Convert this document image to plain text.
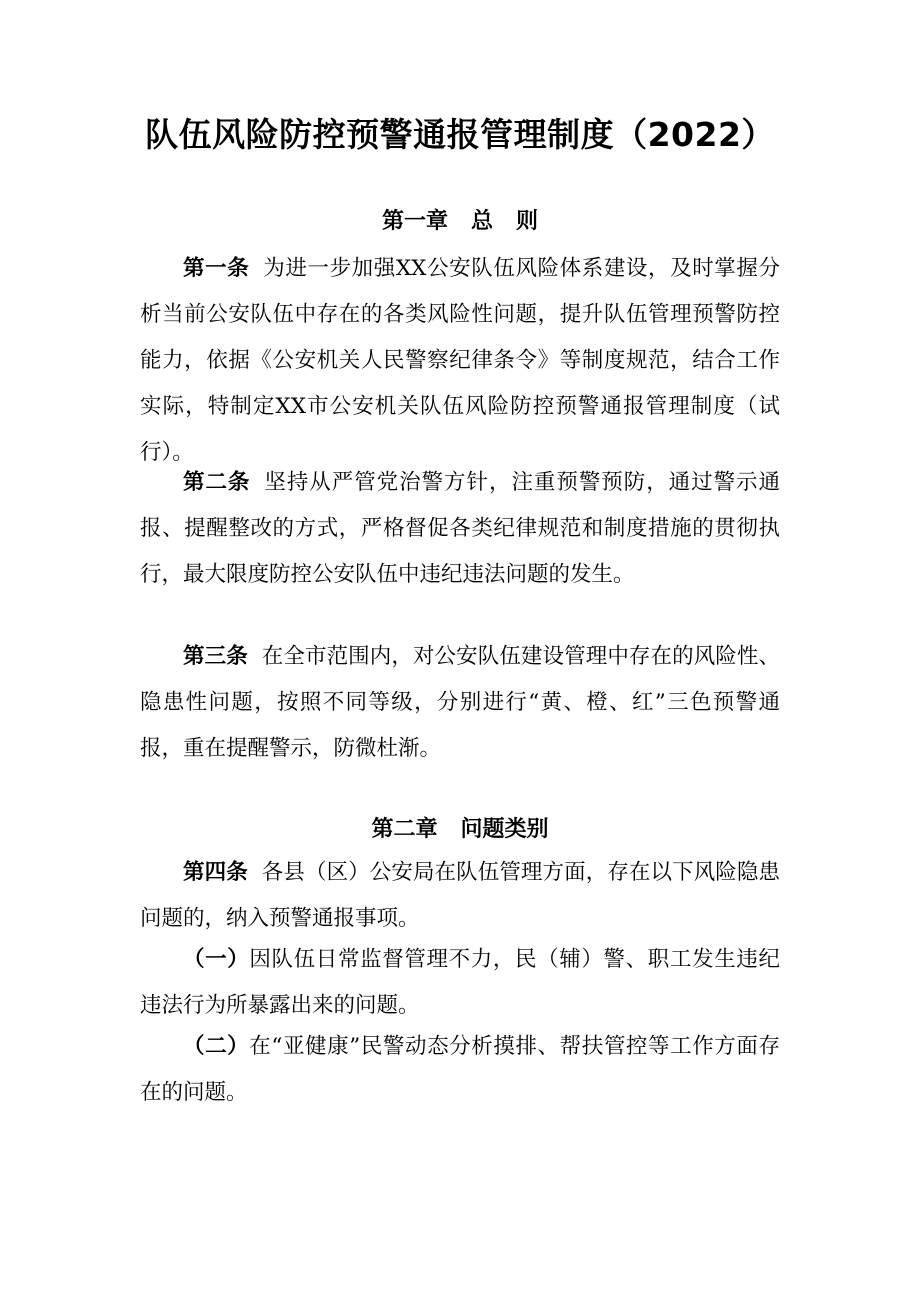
队伍风险防控预警通报管理制度（2022）
第一章   总   则

第一条 为进一步加强XX公安队伍风险体系建设，及时掌握分析当前公安队伍中存在的各类风险性问题，提升队伍管理预警防控能力，依据《公安机关人民警察纪律条令》等制度规范，结合工作实际，特制定XX市公安机关队伍风险防控预警通报管理制度（试行）。

第二条 坚持从严管党治警方针，注重预警预防，通过警示通报、提醒整改的方式，严格督促各类纪律规范和制度措施的贯彻执行，最大限度防控公安队伍中违纪违法问题的发生。

第三条 在全市范围内，对公安队伍建设管理中存在的风险性、隐患性问题，按照不同等级，分别进行“黄、橙、红”三色预警通报，重在提醒警示，防微杜渐。

第二章   问题类别

第四条 各县（区）公安局在队伍管理方面，存在以下风险隐患问题的，纳入预警通报事项。

（一）因队伍日常监督管理不力，民（辅）警、职工发生违纪违法行为所暴露出来的问题。

（二）在“亚健康”民警动态分析摸排、帮扶管控等工作方面存在的问题。
